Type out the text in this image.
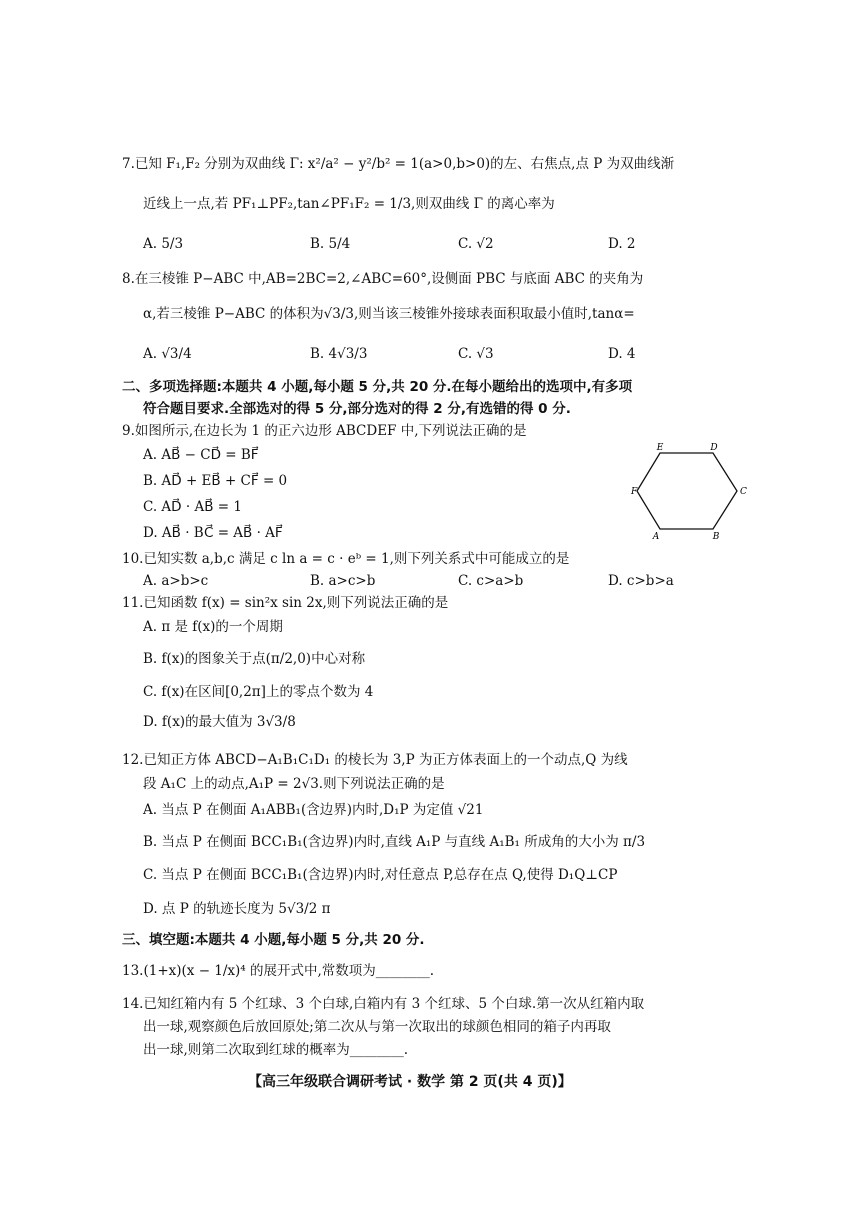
7.已知 F₁,F₂ 分别为双曲线 Γ: x²/a² − y²/b² = 1(a>0,b>0)的左、右焦点,点 P 为双曲线渐
近线上一点,若 PF₁⊥PF₂,tan∠PF₁F₂ = 1/3,则双曲线 Γ 的离心率为
A. 5/3	B. 5/4	C. √2	D. 2
8.在三棱锥 P−ABC 中,AB=2BC=2,∠ABC=60°,设侧面 PBC 与底面 ABC 的夹角为
α,若三棱锥 P−ABC 的体积为√3/3,则当该三棱锥外接球表面积取最小值时,tanα=
A. √3/4	B. 4√3/3	C. √3	D. 4
二、多项选择题:本题共 4 小题,每小题 5 分,共 20 分.在每小题给出的选项中,有多项
符合题目要求.全部选对的得 5 分,部分选对的得 2 分,有选错的得 0 分.
9.如图所示,在边长为 1 的正六边形 ABCDEF 中,下列说法正确的是
A. AB⃗ − CD⃗ = BF⃗
B. AD⃗ + EB⃗ + CF⃗ = 0
C. AD⃗ · AB⃗ = 1
D. AB⃗ · BC⃗ = AB⃗ · AF⃗
E	D
F	C
A	B
10.已知实数 a,b,c 满足 c ln a = c · eᵇ = 1,则下列关系式中可能成立的是
A. a>b>c	B. a>c>b	C. c>a>b	D. c>b>a
11.已知函数 f(x) = sin²x sin 2x,则下列说法正确的是
A. π 是 f(x)的一个周期
B. f(x)的图象关于点(π/2,0)中心对称
C. f(x)在区间[0,2π]上的零点个数为 4
D. f(x)的最大值为 3√3/8
12.已知正方体 ABCD−A₁B₁C₁D₁ 的棱长为 3,P 为正方体表面上的一个动点,Q 为线
段 A₁C 上的动点,A₁P = 2√3.则下列说法正确的是
A. 当点 P 在侧面 A₁ABB₁(含边界)内时,D₁P 为定值 √21
B. 当点 P 在侧面 BCC₁B₁(含边界)内时,直线 A₁P 与直线 A₁B₁ 所成角的大小为 π/3
C. 当点 P 在侧面 BCC₁B₁(含边界)内时,对任意点 P,总存在点 Q,使得 D₁Q⊥CP
D. 点 P 的轨迹长度为 5√3/2 π
三、填空题:本题共 4 小题,每小题 5 分,共 20 分.
13.(1+x)(x − 1/x)⁴ 的展开式中,常数项为________.
14.已知红箱内有 5 个红球、3 个白球,白箱内有 3 个红球、5 个白球.第一次从红箱内取
出一球,观察颜色后放回原处;第二次从与第一次取出的球颜色相同的箱子内再取
出一球,则第二次取到红球的概率为________.
【高三年级联合调研考试 · 数学 第 2 页(共 4 页)】
